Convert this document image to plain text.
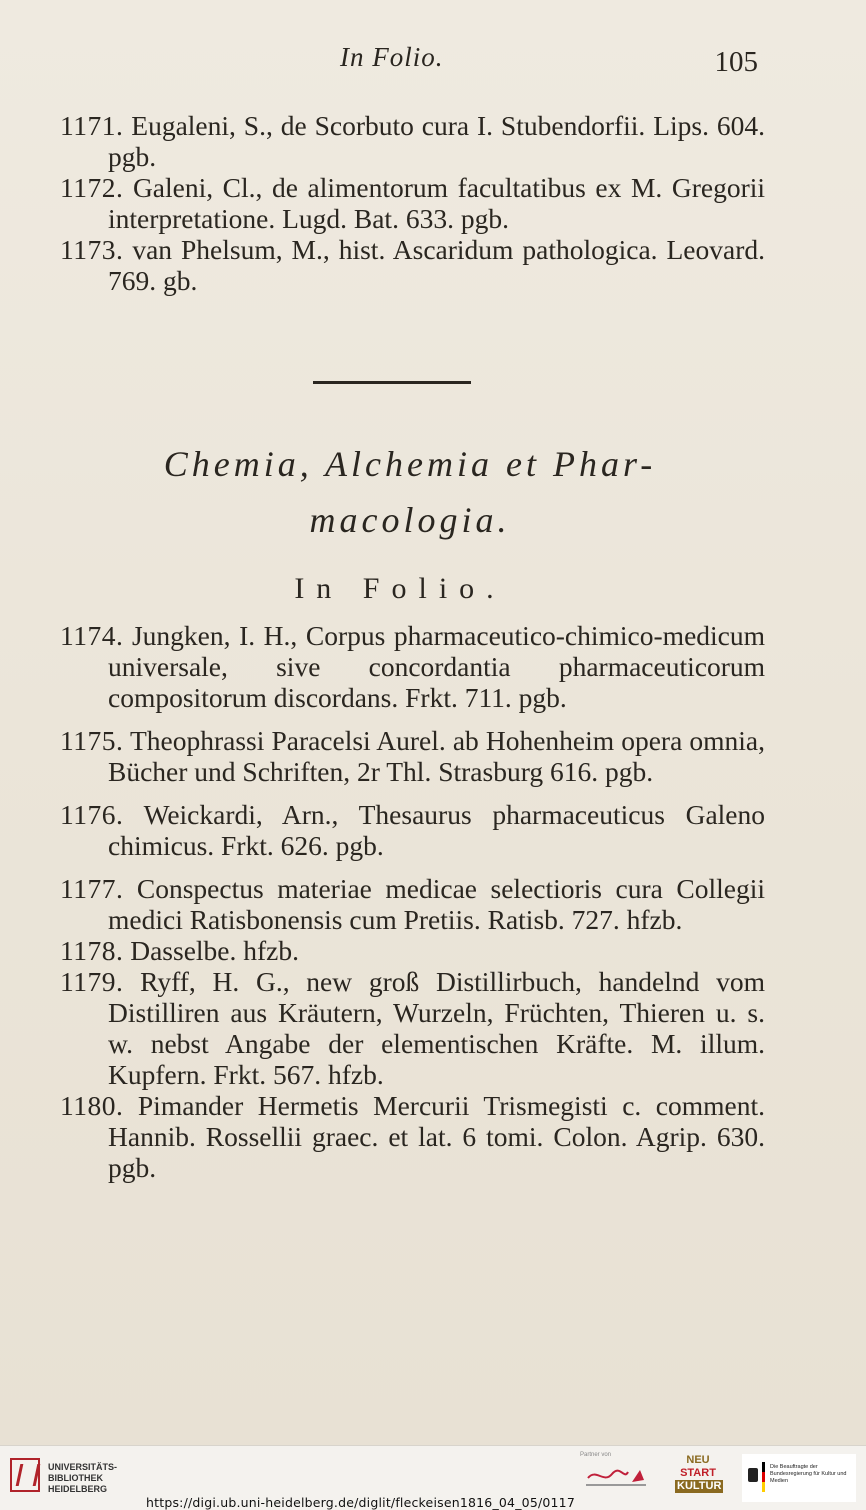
In Folio.	105

1171. Eugaleni, S., de Scorbuto cura I. Stubendorfii. Lips. 604. pgb.

1172. Galeni, Cl., de alimentorum facultatibus ex M. Gregorii interpretatione. Lugd. Bat. 633. pgb.

1173. van Phelsum, M., hist. Ascaridum pathologica. Leovard. 769. gb.

Chemia, Alchemia et Phar-
macologia.
In Folio.

1174. Jungken, I. H., Corpus pharmaceutico-chimico-medicum universale, sive concordantia pharmaceuticorum compositorum discordans. Frkt. 711. pgb.

1175. Theophrassi Paracelsi Aurel. ab Hohenheim opera omnia, Bücher und Schriften, 2r Thl. Strasburg 616. pgb.

1176. Weickardi, Arn., Thesaurus pharmaceuticus Galeno chimicus. Frkt. 626. pgb.

1177. Conspectus materiae medicae selectioris cura Collegii medici Ratisbonensis cum Pretiis. Ratisb. 727. hfzb.

1178. Dasselbe. hfzb.

1179. Ryff, H. G., new groß Distillirbuch, handelnd vom Distilliren aus Kräutern, Wurzeln, Früchten, Thieren u. s. w. nebst Angabe der elementischen Kräfte. M. illum. Kupfern. Frkt. 567. hfzb.

1180. Pimander Hermetis Mercurii Trismegisti c. comment. Hannib. Rossellii graec. et lat. 6 tomi. Colon. Agrip. 630. pgb.

UNIVERSITÄTS-
BIBLIOTHEK
HEIDELBERG
Partner von	NEU
START
KULTUR
Die Beauftragte der Bundesregierung für Kultur und Medien
https://digi.ub.uni-heidelberg.de/diglit/fleckeisen1816_04_05/0117
